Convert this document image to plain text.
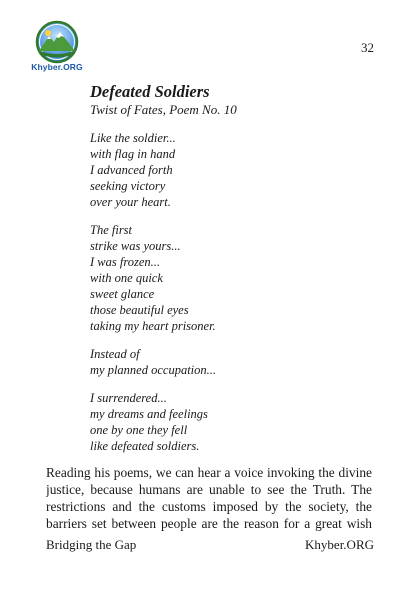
Khyber.ORG
32
Defeated Soldiers
Twist of Fates, Poem No. 10
Like the soldier...
with flag in hand
I advanced forth
seeking victory
over your heart.
The first
strike was yours...
I was frozen...
with one quick
sweet glance
those beautiful eyes
taking my heart prisoner.
Instead of
my planned occupation...
I surrendered...
my dreams and feelings
one by one they fell
like defeated soldiers.
Reading his poems, we can hear a voice invoking the divine
justice, because humans are unable to see the Truth. The
restrictions and the customs imposed by the society, the
barriers set between people are the reason for a great wish
Bridging the Gap	Khyber.ORG
